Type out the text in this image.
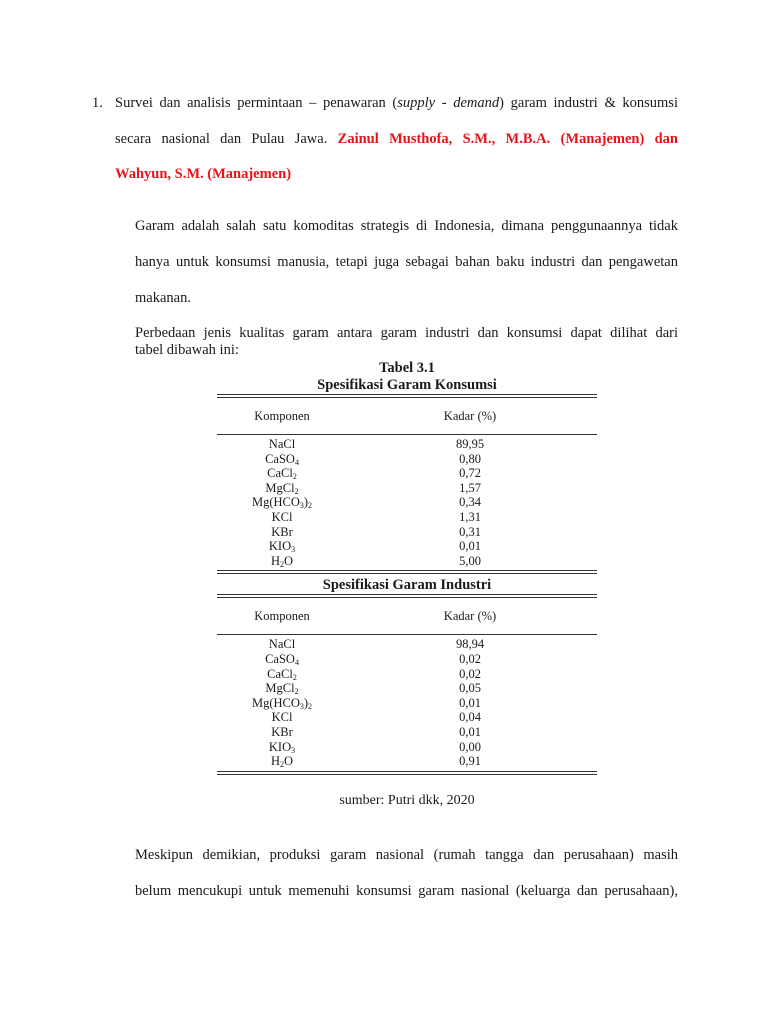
1. Survei dan analisis permintaan – penawaran (supply - demand) garam industri & konsumsi
secara nasional dan Pulau Jawa. Zainul Musthofa, S.M., M.B.A. (Manajemen) dan
Wahyun, S.M. (Manajemen)
Garam adalah salah satu komoditas strategis di Indonesia, dimana penggunaannya tidak
hanya untuk konsumsi manusia, tetapi juga sebagai bahan baku industri dan pengawetan
makanan.
Perbedaan jenis kualitas garam antara garam industri dan konsumsi dapat dilihat dari
tabel dibawah ini:
Tabel 3.1
Spesifikasi Garam Konsumsi
Komponen	Kadar (%)
NaCl	89,95
CaSO$_4$	0,80
CaCl$_2$	0,72
MgCl$_2$	1,57
$Mg(HCO_3)_2$	0,34
KCl	1,31
KBr	0,31
$KIO_3$	0,01
$H_2O$	5,00
Spesifikasi Garam Industri
Komponen	Kadar (%)
NaCl	98,94
CaSO$_4$	0,02
CaCl$_2$	0,02
MgCl$_2$	0,05
$Mg(HCO_3)_2$	0,01
KCl	0,04
KBr	0,01
$KIO_3$	0,00
$H_2O$	0,91
sumber: Putri dkk, 2020
Meskipun demikian, produksi garam nasional (rumah tangga dan perusahaan) masih
belum mencukupi untuk memenuhi konsumsi garam nasional (keluarga dan perusahaan),
